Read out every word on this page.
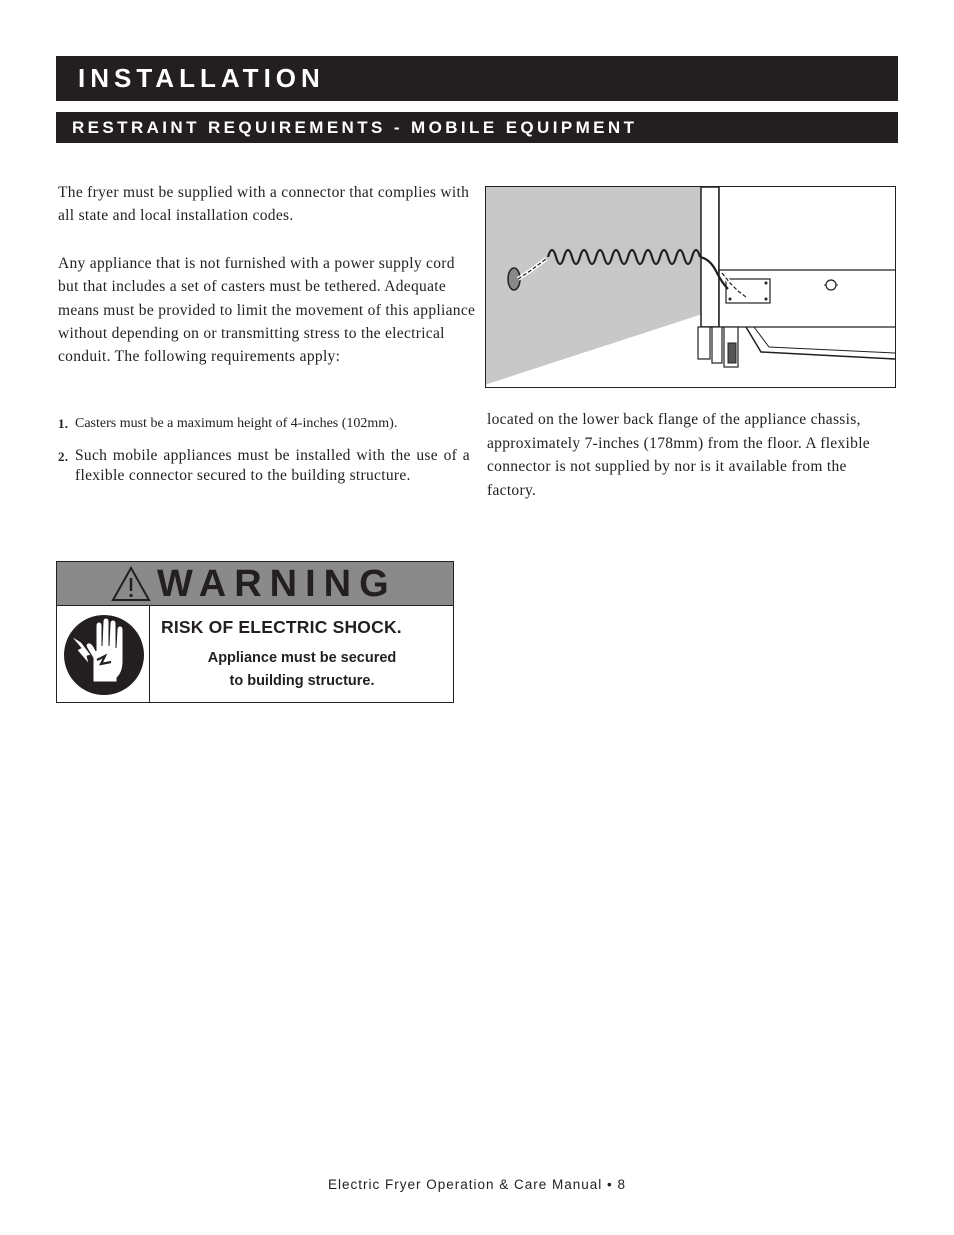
INSTALLATION
RESTRAINT REQUIREMENTS - MOBILE EQUIPMENT

The fryer must be supplied with a connector that complies with all state and local installation codes.

Any appliance that is not furnished with a power supply cord but that includes a set of casters must be tethered. Adequate means must be provided to limit the movement of this appliance without depending on or transmitting stress to the electrical conduit. The following requirements apply:

1. Casters must be a maximum height of 4-inches (102mm).
2. Such mobile appliances must be installed with the use of a flexible connector secured to the building structure.

located on the lower back flange of the appliance chassis, approximately 7-inches (178mm) from the floor. A flexible connector is not supplied by nor is it available from the factory.

WARNING
RISK OF ELECTRIC SHOCK.
Appliance must be secured
to building structure.
Electric Fryer Operation & Care Manual • 8
